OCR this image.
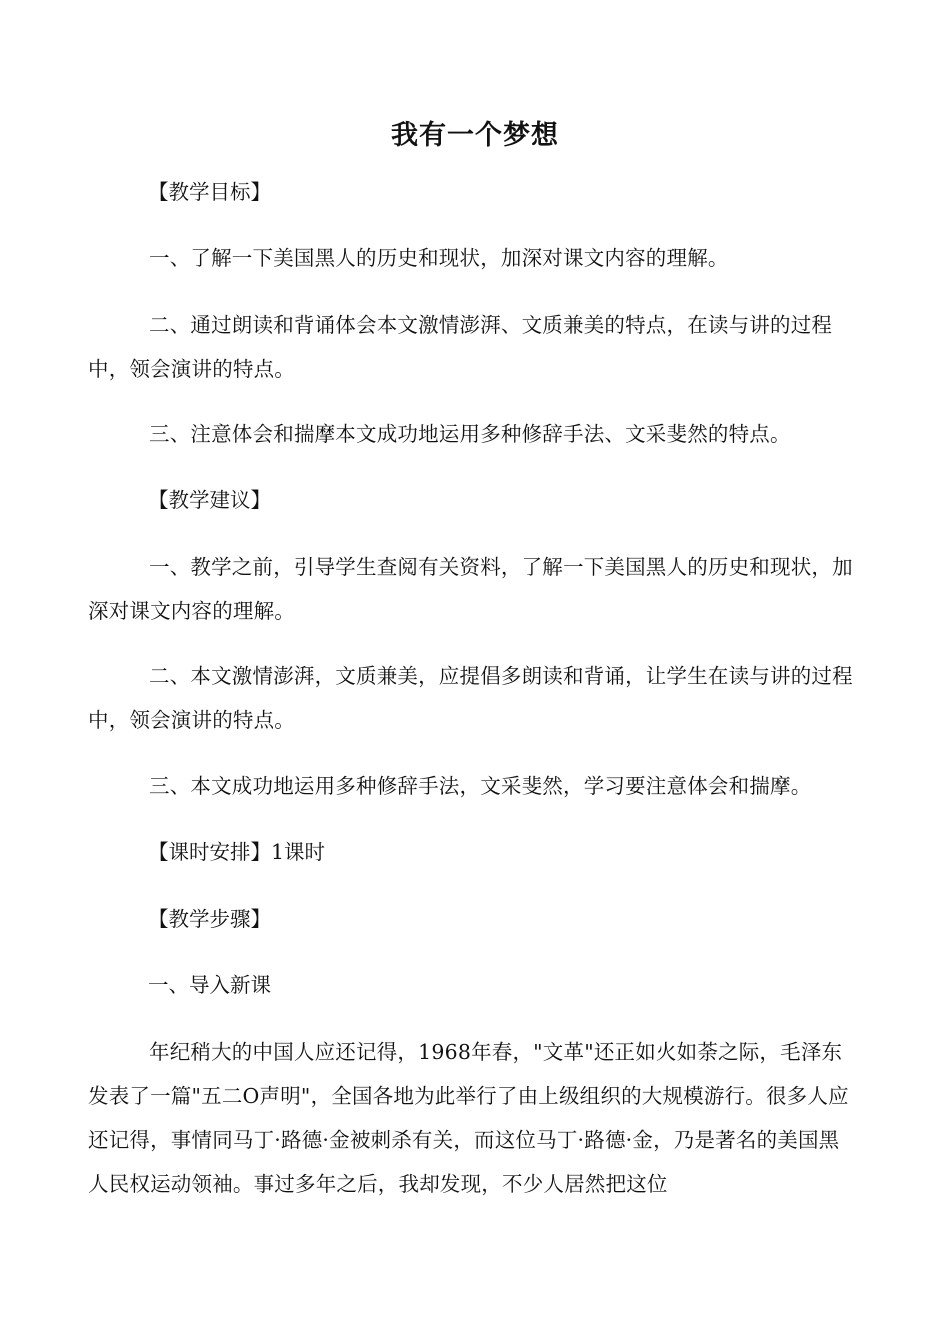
我有一个梦想
【教学目标】

一、了解一下美国黑人的历史和现状，加深对课文内容的理解。

二、通过朗读和背诵体会本文激情澎湃、文质兼美的特点，在读与讲的过程中，领会演讲的特点。

三、注意体会和揣摩本文成功地运用多种修辞手法、文采斐然的特点。

【教学建议】

一、教学之前，引导学生查阅有关资料，了解一下美国黑人的历史和现状，加深对课文内容的理解。

二、本文激情澎湃，文质兼美，应提倡多朗读和背诵，让学生在读与讲的过程中，领会演讲的特点。

三、本文成功地运用多种修辞手法，文采斐然，学习要注意体会和揣摩。

【课时安排】1课时
【教学步骤】
一、导入新课

年纪稍大的中国人应还记得，1968年春，"文革"还正如火如荼之际，毛泽东发表了一篇"五二O声明"，全国各地为此举行了由上级组织的大规模游行。很多人应还记得，事情同马丁·路德·金被刺杀有关，而这位马丁·路德·金，乃是著名的美国黑人民权运动领袖。事过多年之后，我却发现，不少人居然把这位
